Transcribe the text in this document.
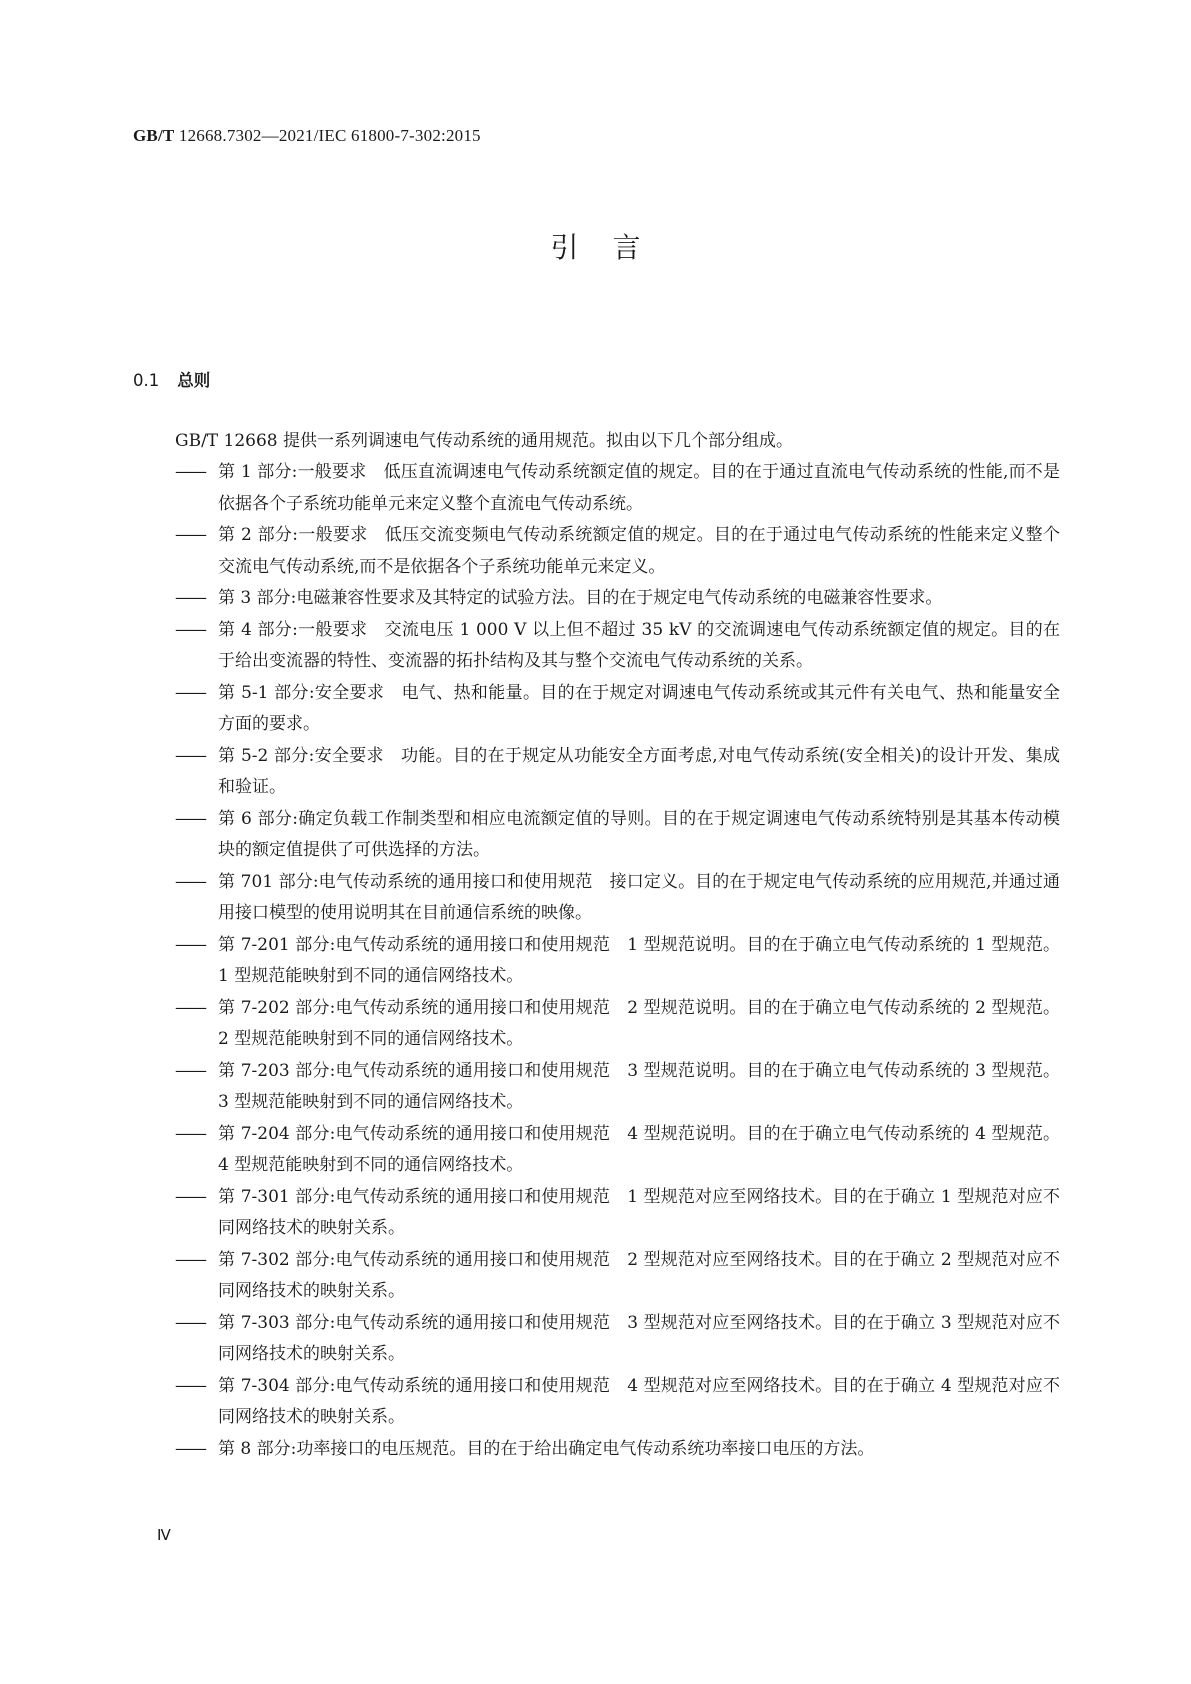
GB/T 12668.7302—2021/IEC 61800-7-302:2015
引言
0.1 总则
GB/T 12668 提供一系列调速电气传动系统的通用规范。拟由以下几个部分组成。
—— 第 1 部分:一般要求　低压直流调速电气传动系统额定值的规定。目的在于通过直流电气传动系统的性能,而不是依据各个子系统功能单元来定义整个直流电气传动系统。
—— 第 2 部分:一般要求　低压交流变频电气传动系统额定值的规定。目的在于通过电气传动系统的性能来定义整个交流电气传动系统,而不是依据各个子系统功能单元来定义。
—— 第 3 部分:电磁兼容性要求及其特定的试验方法。目的在于规定电气传动系统的电磁兼容性要求。
—— 第 4 部分:一般要求　交流电压 1 000 V 以上但不超过 35 kV 的交流调速电气传动系统额定值的规定。目的在于给出变流器的特性、变流器的拓扑结构及其与整个交流电气传动系统的关系。
—— 第 5-1 部分:安全要求　电气、热和能量。目的在于规定对调速电气传动系统或其元件有关电气、热和能量安全方面的要求。
—— 第 5-2 部分:安全要求　功能。目的在于规定从功能安全方面考虑,对电气传动系统(安全相关)的设计开发、集成和验证。
—— 第 6 部分:确定负载工作制类型和相应电流额定值的导则。目的在于规定调速电气传动系统特别是其基本传动模块的额定值提供了可供选择的方法。
—— 第 701 部分:电气传动系统的通用接口和使用规范　接口定义。目的在于规定电气传动系统的应用规范,并通过通用接口模型的使用说明其在目前通信系统的映像。
—— 第 7-201 部分:电气传动系统的通用接口和使用规范　1 型规范说明。目的在于确立电气传动系统的 1 型规范。1 型规范能映射到不同的通信网络技术。
—— 第 7-202 部分:电气传动系统的通用接口和使用规范　2 型规范说明。目的在于确立电气传动系统的 2 型规范。2 型规范能映射到不同的通信网络技术。
—— 第 7-203 部分:电气传动系统的通用接口和使用规范　3 型规范说明。目的在于确立电气传动系统的 3 型规范。3 型规范能映射到不同的通信网络技术。
—— 第 7-204 部分:电气传动系统的通用接口和使用规范　4 型规范说明。目的在于确立电气传动系统的 4 型规范。4 型规范能映射到不同的通信网络技术。
—— 第 7-301 部分:电气传动系统的通用接口和使用规范　1 型规范对应至网络技术。目的在于确立 1 型规范对应不同网络技术的映射关系。
—— 第 7-302 部分:电气传动系统的通用接口和使用规范　2 型规范对应至网络技术。目的在于确立 2 型规范对应不同网络技术的映射关系。
—— 第 7-303 部分:电气传动系统的通用接口和使用规范　3 型规范对应至网络技术。目的在于确立 3 型规范对应不同网络技术的映射关系。
—— 第 7-304 部分:电气传动系统的通用接口和使用规范　4 型规范对应至网络技术。目的在于确立 4 型规范对应不同网络技术的映射关系。
—— 第 8 部分:功率接口的电压规范。目的在于给出确定电气传动系统功率接口电压的方法。
Ⅳ
